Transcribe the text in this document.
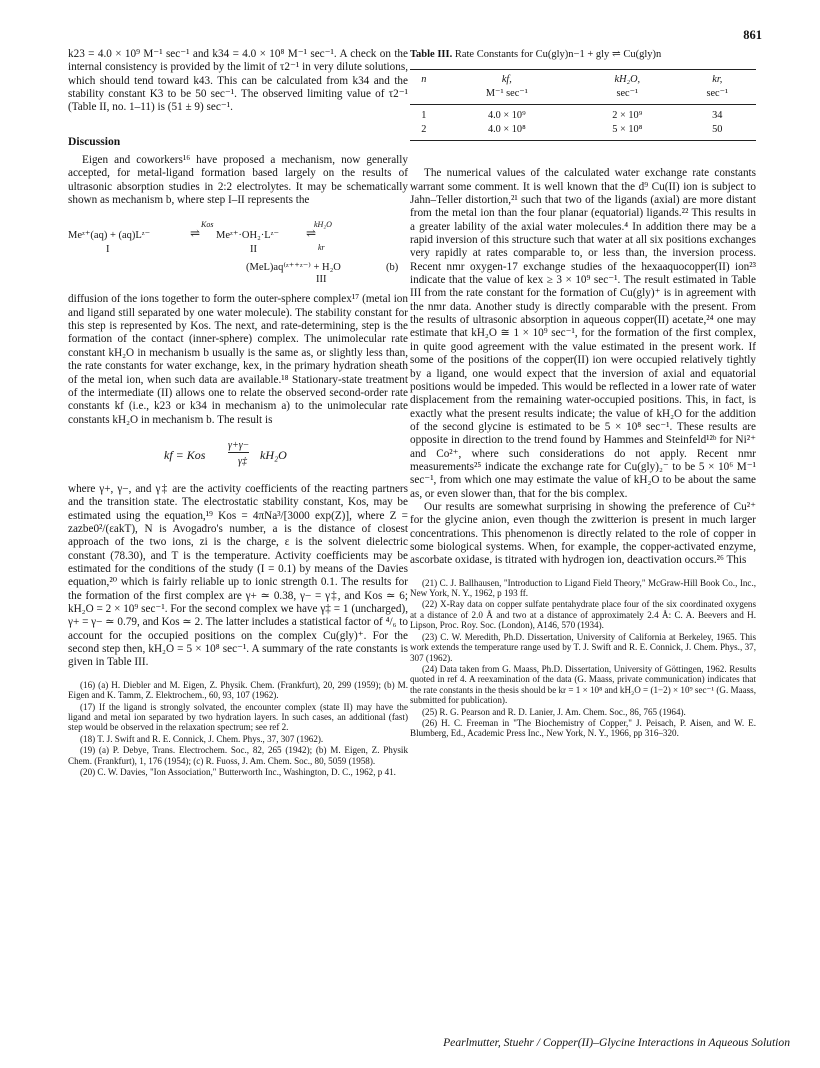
861

k23 = 4.0 × 10⁹ M⁻¹ sec⁻¹ and k34 = 4.0 × 10⁸ M⁻¹ sec⁻¹. A check on the internal consistency is provided by the limit of τ2⁻¹ in very dilute solutions, which should tend toward k43. This can be calculated from k34 and the stability constant K3 to be 50 sec⁻¹. The observed limiting value of τ2⁻¹ (Table II, no. 1–11) is (51 ± 9) sec⁻¹.

Discussion

Eigen and coworkers¹⁶ have proposed a mechanism, now generally accepted, for metal-ligand formation based largely on the results of ultrasonic absorption studies in 2:2 electrolytes. It may be schematically shown as mechanism b, where step I–II represents the

Meᶻ⁺(aq) + (aq)Lᶻ⁻
Kos
⇌ Meᶻ⁺·OH₂·Lᶻ⁻
kH₂O
⇌
kr
I	II
(MeL)aq⁽ᶻ⁺⁺ᶻ⁻⁾ + H₂O	(b)
III

diffusion of the ions together to form the outer-sphere complex¹⁷ (metal ion and ligand still separated by one water molecule). The stability constant for this step is represented by Kos. The next, and rate-determining, step is the formation of the contact (inner-sphere) complex. The unimolecular rate constant kH₂O in mechanism b usually is the same as, or slightly less than, the rate constants for water exchange, kex, in the primary hydration sheath of the metal ion, when such data are available.¹⁸ Stationary-state treatment of the intermediate (II) allows one to relate the observed second-order rate constants kf (i.e., k23 or k34 in mechanism a) to the unimolecular rate constants kH₂O in mechanism b. The result is

kf = Kos
γ+γ−
γ‡ kH₂O

where γ+, γ−, and γ‡ are the activity coefficients of the reacting partners and the transition state. The electrostatic stability constant, Kos, may be estimated using the equation,¹⁹ Kos = 4πNa³/[3000 exp(Z)], where Z = zazbe0²/(εakT), N is Avogadro's number, a is the distance of closest approach of the two ions, zi is the charge, ε is the solvent dielectric constant (78.30), and T is the temperature. Activity coefficients may be estimated for the conditions of the study (I = 0.1) by means of the Davies equation,²⁰ which is fairly reliable up to ionic strength 0.1. The results for the formation of the first complex are γ+ ≃ 0.38, γ− = γ‡, and Kos ≃ 6; kH₂O = 2 × 10⁹ sec⁻¹. For the second complex we have γ‡ = 1 (uncharged), γ+ = γ− ≃ 0.79, and Kos ≃ 2. The latter includes a statistical factor of ⁴/₆ to account for the occupied positions on the complex Cu(gly)⁺. For the second step then, kH₂O = 5 × 10⁸ sec⁻¹. A summary of the rate constants is given in Table III.

(16) (a) H. Diebler and M. Eigen, Z. Physik. Chem. (Frankfurt), 20, 299 (1959); (b) M. Eigen and K. Tamm, Z. Elektrochem., 60, 93, 107 (1962).

(17) If the ligand is strongly solvated, the encounter complex (state II) may have the ligand and metal ion separated by two hydration layers. In such cases, an additional (fast) step would be observed in the relaxation spectrum; see ref 2.

(18) T. J. Swift and R. E. Connick, J. Chem. Phys., 37, 307 (1962).

(19) (a) P. Debye, Trans. Electrochem. Soc., 82, 265 (1942); (b) M. Eigen, Z. Physik Chem. (Frankfurt), 1, 176 (1954); (c) R. Fuoss, J. Am. Chem. Soc., 80, 5059 (1958).

(20) C. W. Davies, "Ion Association," Butterworth Inc., Washington, D. C., 1962, p 41.

Table III. Rate Constants for Cu(gly)n−1 + gly ⇌ Cu(gly)n
n	kf,	kH₂O,	kr,
	M⁻¹ sec⁻¹	sec⁻¹	sec⁻¹
1	4.0 × 10⁹	2 × 10⁹	34
2	4.0 × 10⁸	5 × 10⁸	50

The numerical values of the calculated water exchange rate constants warrant some comment. It is well known that the d⁹ Cu(II) ion is subject to Jahn–Teller distortion,²¹ such that two of the ligands (axial) are more distant from the metal ion than the four planar (equatorial) ligands.²² This results in a greater lability of the axial water molecules.⁴ In addition there may be a rapid inversion of this structure such that water at all six positions exchanges very rapidly at rates comparable to, or less than, the inversion process. Recent nmr oxygen-17 exchange studies of the hexaaquocopper(II) ion²³ indicate that the value of kex ≥ 3 × 10⁹ sec⁻¹. The result estimated in Table III from the rate constant for the formation of Cu(gly)⁺ is in agreement with the nmr data. Another study is directly comparable with the present. From the results of ultrasonic absorption in aqueous copper(II) acetate,²⁴ one may estimate that kH₂O ≅ 1 × 10⁹ sec⁻¹, for the formation of the first complex, in quite good agreement with the value estimated in the present work. If some of the positions of the copper(II) ion were occupied relatively tightly by a ligand, one would expect that the inversion of axial and equatorial positions would be impeded. This would be reflected in a lower rate of water displacement from the remaining water-occupied positions. This, in fact, is exactly what the present results indicate; the value of kH₂O for the addition of the second glycine is estimated to be 5 × 10⁸ sec⁻¹. These results are opposite in direction to the trend found by Hammes and Steinfeld¹²ᵇ for Ni²⁺ and Co²⁺, where such considerations do not apply. Recent nmr measurements²⁵ indicate the exchange rate for Cu(gly)₂⁻ to be 5 × 10⁶ M⁻¹ sec⁻¹, from which one may estimate the value of kH₂O to be about the same as, or even slower than, that for the bis complex.

Our results are somewhat surprising in showing the preference of Cu²⁺ for the glycine anion, even though the zwitterion is present in much larger concentrations. This phenomenon is directly related to the role of copper in some biological systems. When, for example, the copper-activated enzyme, ascorbate oxidase, is titrated with hydrogen ion, deactivation occurs.²⁶ This

(21) C. J. Ballhausen, "Introduction to Ligand Field Theory," McGraw-Hill Book Co., Inc., New York, N. Y., 1962, p 193 ff.

(22) X-Ray data on copper sulfate pentahydrate place four of the six coordinated oxygens at a distance of 2.0 Å and two at a distance of approximately 2.4 Å: C. A. Beevers and H. Lipson, Proc. Roy. Soc. (London), A146, 570 (1934).

(23) C. W. Meredith, Ph.D. Dissertation, University of California at Berkeley, 1965. This work extends the temperature range used by T. J. Swift and R. E. Connick, J. Chem. Phys., 37, 307 (1962).

(24) Data taken from G. Maass, Ph.D. Dissertation, University of Göttingen, 1962. Results quoted in ref 4. A reexamination of the data (G. Maass, private communication) indicates that the rate constants in the thesis should be kr = 1 × 10⁸ and kH₂O = (1−2) × 10⁹ sec⁻¹ (G. Maass, submitted for publication).

(25) R. G. Pearson and R. D. Lanier, J. Am. Chem. Soc., 86, 765 (1964).

(26) H. C. Freeman in "The Biochemistry of Copper," J. Peisach, P. Aisen, and W. E. Blumberg, Ed., Academic Press Inc., New York, N. Y., 1966, pp 316–320.

Pearlmutter, Stuehr / Copper(II)–Glycine Interactions in Aqueous Solution
